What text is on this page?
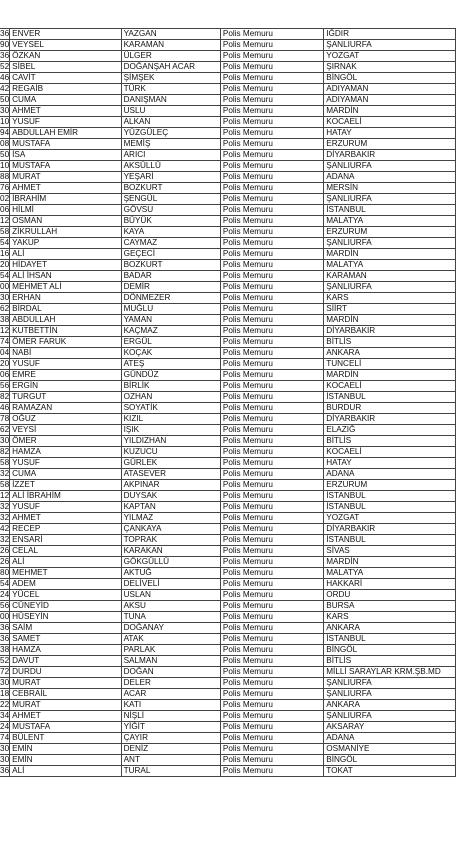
36	ENVER	YAZGAN	Polis Memuru	IĞDIR
90	VEYSEL	KARAMAN	Polis Memuru	ŞANLIURFA
36	ÖZKAN	ÜLGER	Polis Memuru	YOZGAT
52	SİBEL	DOĞANŞAH ACAR	Polis Memuru	ŞIRNAK
46	CAVİT	ŞİMŞEK	Polis Memuru	BİNGÖL
42	REGAİB	TÜRK	Polis Memuru	ADIYAMAN
50	CUMA	DANIŞMAN	Polis Memuru	ADIYAMAN
30	AHMET	USLU	Polis Memuru	MARDİN
10	YUSUF	ALKAN	Polis Memuru	KOCAELİ
94	ABDULLAH EMİR	YÜZGÜLEÇ	Polis Memuru	HATAY
08	MUSTAFA	MEMİŞ	Polis Memuru	ERZURUM
50	İSA	ARICI	Polis Memuru	DİYARBAKIR
10	MUSTAFA	AKSÜLLÜ	Polis Memuru	ŞANLIURFA
88	MURAT	YEŞARİ	Polis Memuru	ADANA
76	AHMET	BOZKURT	Polis Memuru	MERSİN
02	İBRAHİM	ŞENGÜL	Polis Memuru	ŞANLIURFA
06	HİLMİ	GÖVSU	Polis Memuru	İSTANBUL
12	OSMAN	BÜYÜK	Polis Memuru	MALATYA
58	ZİKRULLAH	KAYA	Polis Memuru	ERZURUM
54	YAKUP	CAYMAZ	Polis Memuru	ŞANLIURFA
16	ALİ	GEÇECİ	Polis Memuru	MARDİN
20	HİDAYET	BOZKURT	Polis Memuru	MALATYA
54	ALİ İHSAN	BADAR	Polis Memuru	KARAMAN
00	MEHMET ALİ	DEMİR	Polis Memuru	ŞANLIURFA
30	ERHAN	DÖNMEZER	Polis Memuru	KARS
62	BİRDAL	MUĞLU	Polis Memuru	SİİRT
38	ABDULLAH	YAMAN	Polis Memuru	MARDİN
12	KUTBETTİN	KAÇMAZ	Polis Memuru	DİYARBAKIR
74	ÖMER FARUK	ERGÜL	Polis Memuru	BİTLİS
04	NABİ	KOÇAK	Polis Memuru	ANKARA
20	YUSUF	ATEŞ	Polis Memuru	TUNCELİ
06	EMRE	GÜNDÜZ	Polis Memuru	MARDİN
56	ERGİN	BİRLİK	Polis Memuru	KOCAELİ
82	TURGUT	OZHAN	Polis Memuru	İSTANBUL
46	RAMAZAN	SOYATİK	Polis Memuru	BURDUR
78	OĞUZ	KIZIL	Polis Memuru	DİYARBAKIR
62	VEYSİ	IŞIK	Polis Memuru	ELAZIĞ
30	ÖMER	YILDIZHAN	Polis Memuru	BİTLİS
82	HAMZA	KUZUCU	Polis Memuru	KOCAELİ
58	YUSUF	GÜRLEK	Polis Memuru	HATAY
32	CUMA	ATASEVER	Polis Memuru	ADANA
58	İZZET	AKPINAR	Polis Memuru	ERZURUM
12	ALİ İBRAHİM	DUYSAK	Polis Memuru	İSTANBUL
32	YUSUF	KAPTAN	Polis Memuru	İSTANBUL
32	AHMET	YILMAZ	Polis Memuru	YOZGAT
42	RECEP	ÇANKAYA	Polis Memuru	DİYARBAKIR
32	ENSARİ	TOPRAK	Polis Memuru	İSTANBUL
26	CELAL	KARAKAN	Polis Memuru	SİVAS
26	ALİ	GÖKGÜLLÜ	Polis Memuru	MARDİN
80	MEHMET	AKTUĞ	Polis Memuru	MALATYA
54	ADEM	DELİVELİ	Polis Memuru	HAKKARİ
24	YÜCEL	USLAN	Polis Memuru	ORDU
56	CÜNEYİD	AKSU	Polis Memuru	BURSA
00	HÜSEYİN	TUNA	Polis Memuru	KARS
36	SAİM	DOĞANAY	Polis Memuru	ANKARA
36	SAMET	ATAK	Polis Memuru	İSTANBUL
38	HAMZA	PARLAK	Polis Memuru	BİNGÖL
52	DAVUT	SALMAN	Polis Memuru	BİTLİS
72	DURDU	DOĞAN	Polis Memuru	MİLLİ SARAYLAR KRM.ŞB.MD
30	MURAT	DELER	Polis Memuru	ŞANLIURFA
18	CEBRAİL	ACAR	Polis Memuru	ŞANLIURFA
22	MURAT	KATI	Polis Memuru	ANKARA
34	AHMET	NİŞLİ	Polis Memuru	ŞANLIURFA
24	MUSTAFA	YİĞİT	Polis Memuru	AKSARAY
74	BÜLENT	ÇAYIR	Polis Memuru	ADANA
30	EMİN	DENİZ	Polis Memuru	OSMANİYE
30	EMİN	ANT	Polis Memuru	BİNGÖL
36	ALİ	TURAL	Polis Memuru	TOKAT
